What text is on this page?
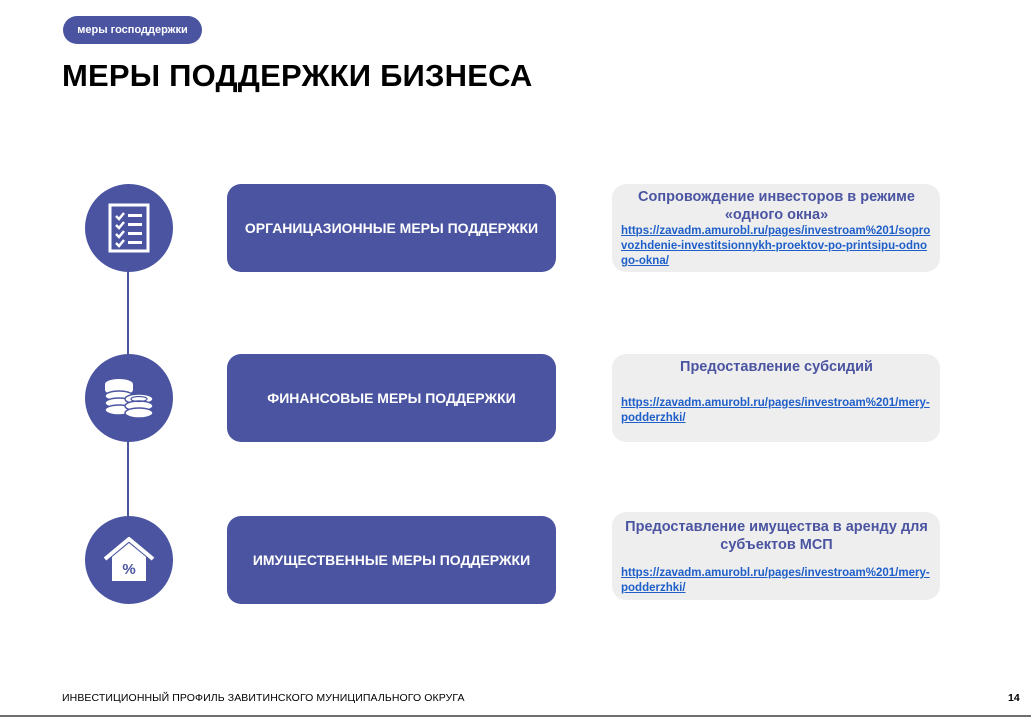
меры господдержки
МЕРЫ ПОДДЕРЖКИ БИЗНЕСА
ОРГАНИЦАЗИОННЫЕ МЕРЫ ПОДДЕРЖКИ
Сопровождение инвесторов в режиме «одного окна»
https://zavadm.amurobl.ru/pages/investroam%201/soprovozhdenie-investitsionnykh-proektov-po-printsipu-odnogo-okna/
ФИНАНСОВЫЕ МЕРЫ ПОДДЕРЖКИ
Предоставление субсидий
https://zavadm.amurobl.ru/pages/investroam%201/mery-podderzhki/
%
ИМУЩЕСТВЕННЫЕ МЕРЫ ПОДДЕРЖКИ
Предоставление имущества в аренду для субъектов МСП
https://zavadm.amurobl.ru/pages/investroam%201/mery-podderzhki/
ИНВЕСТИЦИОННЫЙ ПРОФИЛЬ ЗАВИТИНСКОГО МУНИЦИПАЛЬНОГО ОКРУГА	14
